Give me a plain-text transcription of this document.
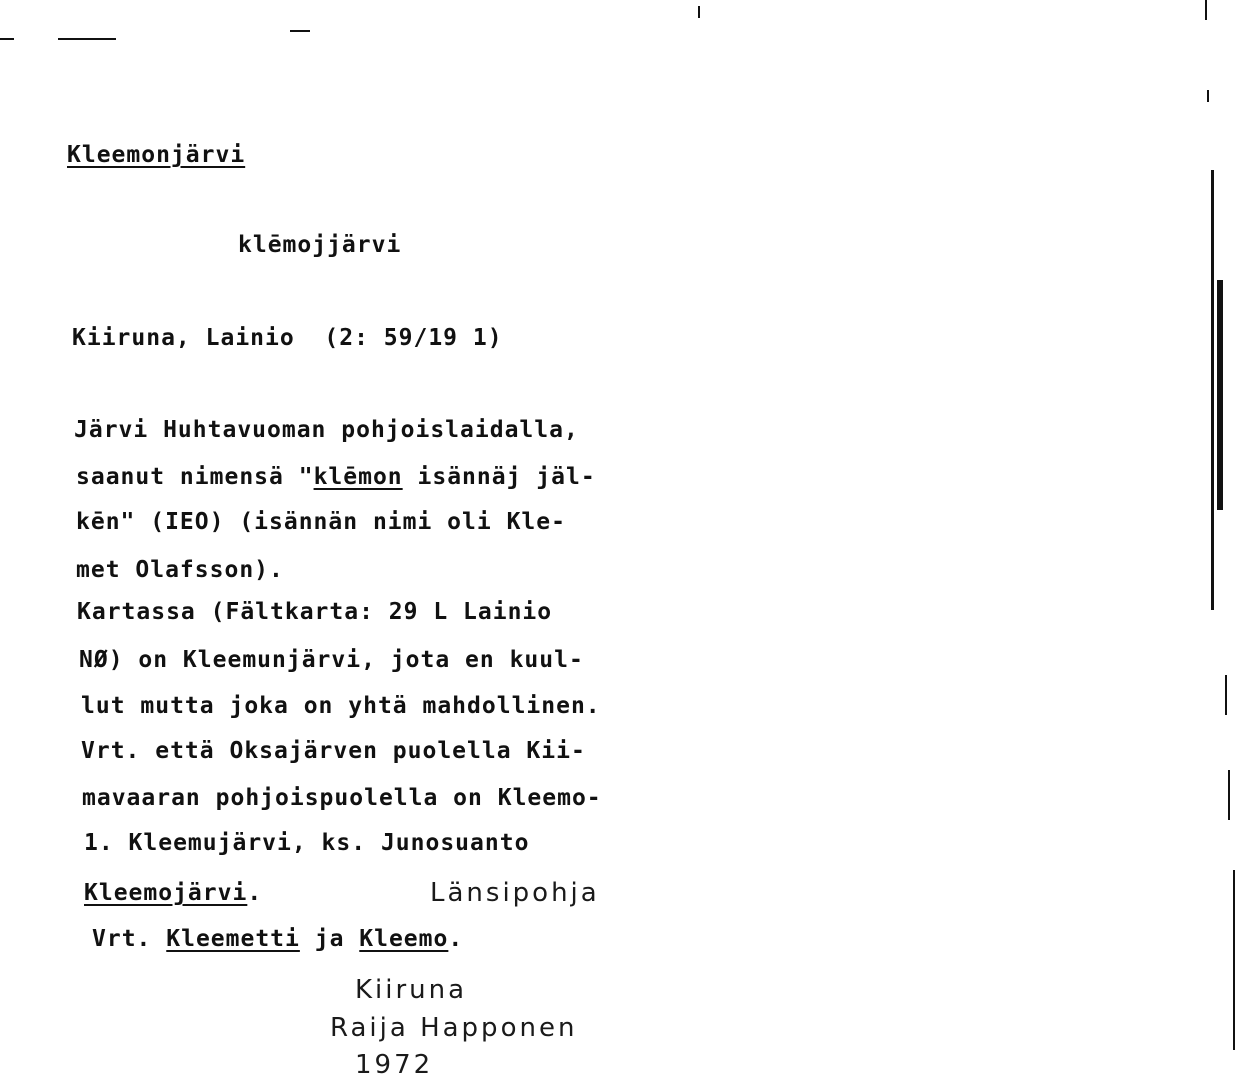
Kleemonjärvi
klēmojjärvi
Kiiruna, Lainio  (2: 59/19 1)
Järvi Huhtavuoman pohjoislaidalla,
saanut nimensä "klēmon isännäj jäl-
kēn" (IEO) (isännän nimi oli Kle-
met Olafsson).
Kartassa (Fältkarta: 29 L Lainio
NØ) on Kleemunjärvi, jota en kuul-
lut mutta joka on yhtä mahdollinen.
Vrt. että Oksajärven puolella Kii-
mavaaran pohjoispuolella on Kleemo-
1. Kleemujärvi, ks. Junosuanto
Kleemojärvi.	Länsipohja
Vrt. Kleemetti ja Kleemo.
Kiiruna
Raija Happonen
1972
